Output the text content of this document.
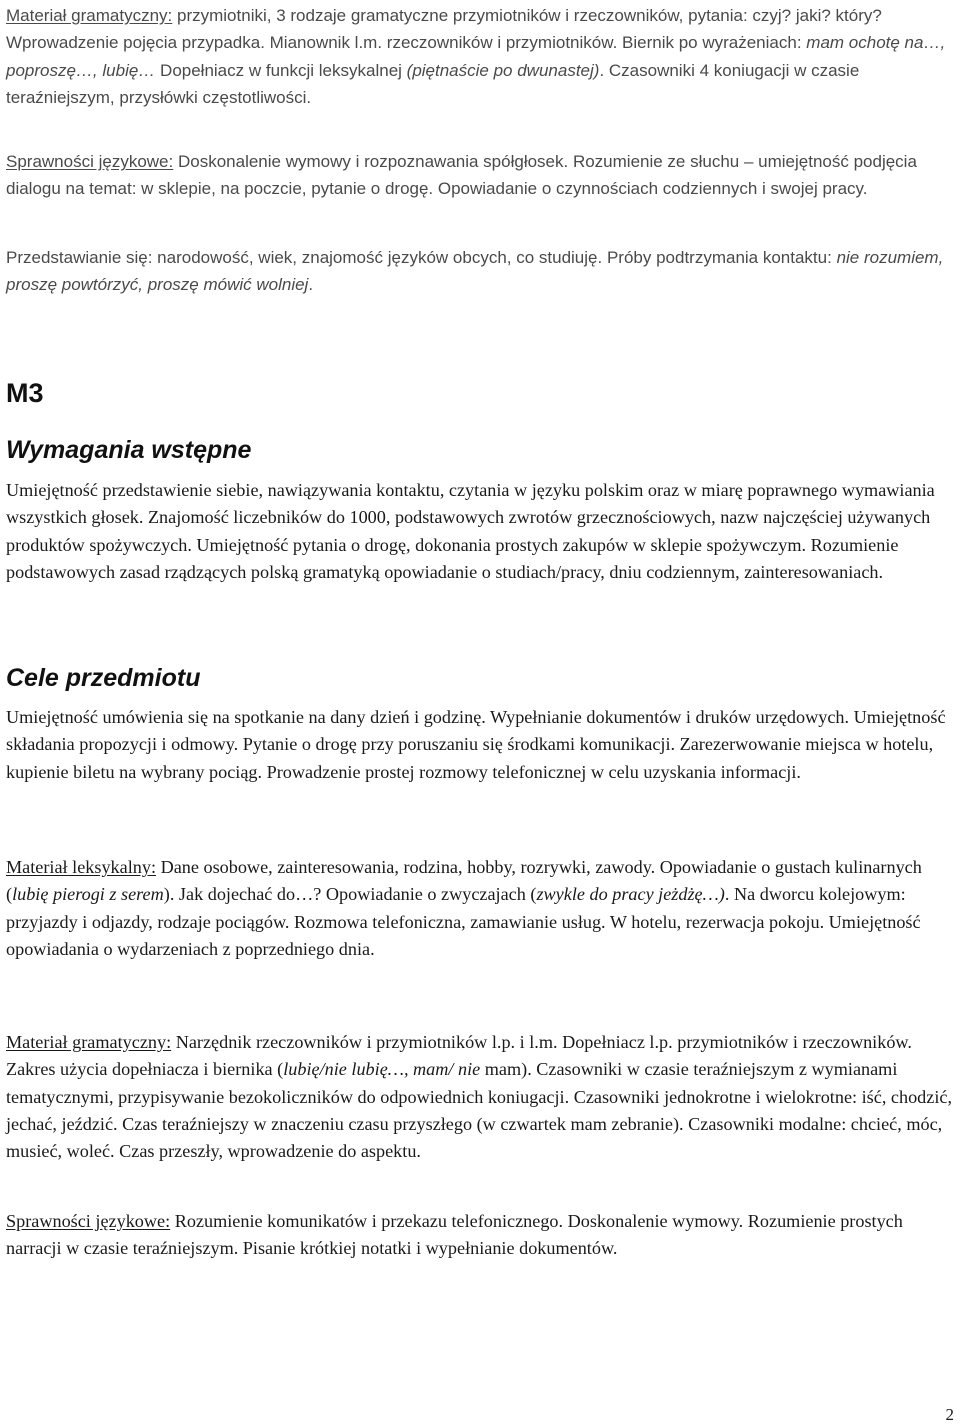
Materiał gramatyczny: przymiotniki, 3 rodzaje gramatyczne przymiotników i rzeczowników, pytania: czyj? jaki? który? Wprowadzenie pojęcia przypadka. Mianownik l.m. rzeczowników i przymiotników. Biernik po wyrażeniach: mam ochotę na…, poproszę…, lubię… Dopełniacz w funkcji leksykalnej (piętnaście po dwunastej). Czasowniki 4 koniugacji w czasie teraźniejszym, przysłówki częstotliwości.

Sprawności językowe: Doskonalenie wymowy i rozpoznawania spółgłosek. Rozumienie ze słuchu – umiejętność podjęcia dialogu na temat: w sklepie, na poczcie, pytanie o drogę. Opowiadanie o czynnościach codziennych i swojej pracy.

Przedstawianie się: narodowość, wiek, znajomość języków obcych, co studiuję. Próby podtrzymania kontaktu: nie rozumiem, proszę powtórzyć, proszę mówić wolniej.

M3
Wymagania wstępne

Umiejętność przedstawienie siebie, nawiązywania kontaktu, czytania w języku polskim oraz w miarę poprawnego wymawiania wszystkich głosek. Znajomość liczebników do 1000, podstawowych zwrotów grzecznościowych, nazw najczęściej używanych produktów spożywczych. Umiejętność pytania o drogę, dokonania prostych zakupów w sklepie spożywczym. Rozumienie podstawowych zasad rządzących polską gramatyką opowiadanie o studiach/pracy, dniu codziennym, zainteresowaniach.

Cele przedmiotu

Umiejętność umówienia się na spotkanie na dany dzień i godzinę. Wypełnianie dokumentów i druków urzędowych. Umiejętność składania propozycji i odmowy. Pytanie o drogę przy poruszaniu się środkami komunikacji. Zarezerwowanie miejsca w hotelu, kupienie biletu na wybrany pociąg. Prowadzenie prostej rozmowy telefonicznej w celu uzyskania informacji.

Materiał leksykalny: Dane osobowe, zainteresowania, rodzina, hobby, rozrywki, zawody. Opowiadanie o gustach kulinarnych (lubię pierogi z serem). Jak dojechać do…? Opowiadanie o zwyczajach (zwykle do pracy jeżdżę…). Na dworcu kolejowym: przyjazdy i odjazdy, rodzaje pociągów. Rozmowa telefoniczna, zamawianie usług. W hotelu, rezerwacja pokoju. Umiejętność opowiadania o wydarzeniach z poprzedniego dnia.

Materiał gramatyczny: Narzędnik rzeczowników i przymiotników l.p. i l.m. Dopełniacz l.p. przymiotników i rzeczowników. Zakres użycia dopełniacza i biernika (lubię/nie lubię…, mam/ nie mam). Czasowniki w czasie teraźniejszym z wymianami tematycznymi, przypisywanie bezokoliczników do odpowiednich koniugacji. Czasowniki jednokrotne i wielokrotne: iść, chodzić, jechać, jeździć. Czas teraźniejszy w znaczeniu czasu przyszłego (w czwartek mam zebranie). Czasowniki modalne: chcieć, móc, musieć, woleć. Czas przeszły, wprowadzenie do aspektu.

Sprawności językowe: Rozumienie komunikatów i przekazu telefonicznego. Doskonalenie wymowy. Rozumienie prostych narracji w czasie teraźniejszym. Pisanie krótkiej notatki i wypełnianie dokumentów.

2
